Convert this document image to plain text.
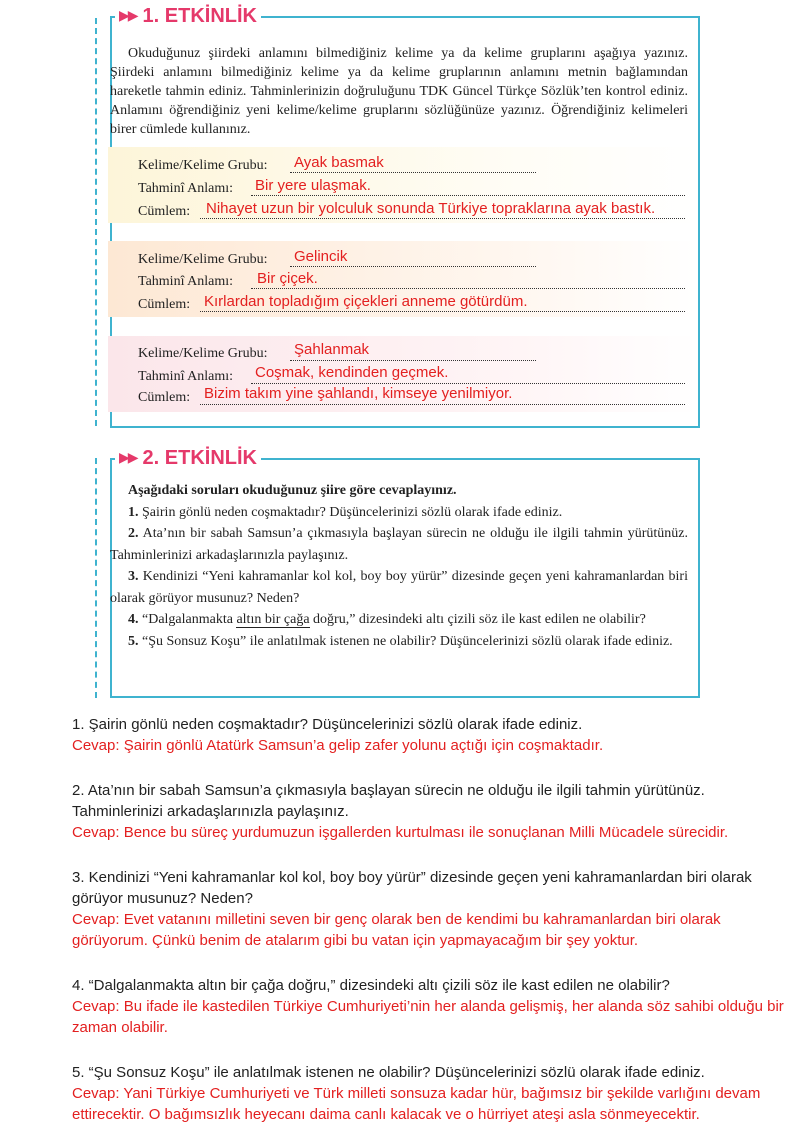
▶▶ 1. ETKİNLİK

Okuduğunuz şiirdeki anlamını bilmediğiniz kelime ya da kelime gruplarını aşağıya yazınız. Şiirdeki anlamını bilmediğiniz kelime ya da kelime gruplarının anlamını metnin bağlamından hareketle tahmin ediniz. Tahminlerinizin doğruluğunu TDK Güncel Türkçe Sözlük’ten kontrol ediniz. Anlamını öğrendiğiniz yeni kelime/kelime gruplarını sözlüğünüze yazınız. Öğrendiğiniz kelimeleri birer cümlede kullanınız.

Kelime/Kelime Grubu: Ayak basmak
Tahminî Anlamı: Bir yere ulaşmak.
Cümlem: Nihayet uzun bir yolculuk sonunda Türkiye topraklarına ayak bastık.
Kelime/Kelime Grubu: Gelincik
Tahminî Anlamı: Bir çiçek.
Cümlem: Kırlardan topladığım çiçekleri anneme götürdüm.
Kelime/Kelime Grubu: Şahlanmak
Tahminî Anlamı: Coşmak, kendinden geçmek.
Cümlem: Bizim takım yine şahlandı, kimseye yenilmiyor.
▶▶ 2. ETKİNLİK

Aşağıdaki soruları okuduğunuz şiire göre cevaplayınız.

1. Şairin gönlü neden coşmaktadır? Düşüncelerinizi sözlü olarak ifade ediniz.

2. Ata’nın bir sabah Samsun’a çıkmasıyla başlayan sürecin ne olduğu ile ilgili tahmin yürütünüz. Tahminlerinizi arkadaşlarınızla paylaşınız.

3. Kendinizi “Yeni kahramanlar kol kol, boy boy yürür” dizesinde geçen yeni kahramanlardan biri olarak görüyor musunuz? Neden?

4. “Dalgalanmakta altın bir çağa doğru,” dizesindeki altı çizili söz ile kast edilen ne olabilir?

5. “Şu Sonsuz Koşu” ile anlatılmak istenen ne olabilir? Düşüncelerinizi sözlü olarak ifade ediniz.

1. Şairin gönlü neden coşmaktadır? Düşüncelerinizi sözlü olarak ifade ediniz.

Cevap: Şairin gönlü Atatürk Samsun’a gelip zafer yolunu açtığı için coşmaktadır.

2. Ata’nın bir sabah Samsun’a çıkmasıyla başlayan sürecin ne olduğu ile ilgili tahmin yürütünüz. Tahminlerinizi arkadaşlarınızla paylaşınız.

Cevap: Bence bu süreç yurdumuzun işgallerden kurtulması ile sonuçlanan Milli Mücadele sürecidir.

3. Kendinizi “Yeni kahramanlar kol kol, boy boy yürür” dizesinde geçen yeni kahramanlardan biri olarak görüyor musunuz? Neden?

Cevap: Evet vatanını milletini seven bir genç olarak ben de kendimi bu kahramanlardan biri olarak görüyorum. Çünkü benim de atalarım gibi bu vatan için yapmayacağım bir şey yoktur.

4. “Dalgalanmakta altın bir çağa doğru,” dizesindeki altı çizili söz ile kast edilen ne olabilir?

Cevap: Bu ifade ile kastedilen Türkiye Cumhuriyeti’nin her alanda gelişmiş, her alanda söz sahibi olduğu bir zaman olabilir.

5. “Şu Sonsuz Koşu” ile anlatılmak istenen ne olabilir? Düşüncelerinizi sözlü olarak ifade ediniz.

Cevap: Yani Türkiye Cumhuriyeti ve Türk milleti sonsuza kadar hür, bağımsız bir şekilde varlığını devam ettirecektir. O bağımsızlık heyecanı daima canlı kalacak ve o hürriyet ateşi asla sönmeyecektir.
